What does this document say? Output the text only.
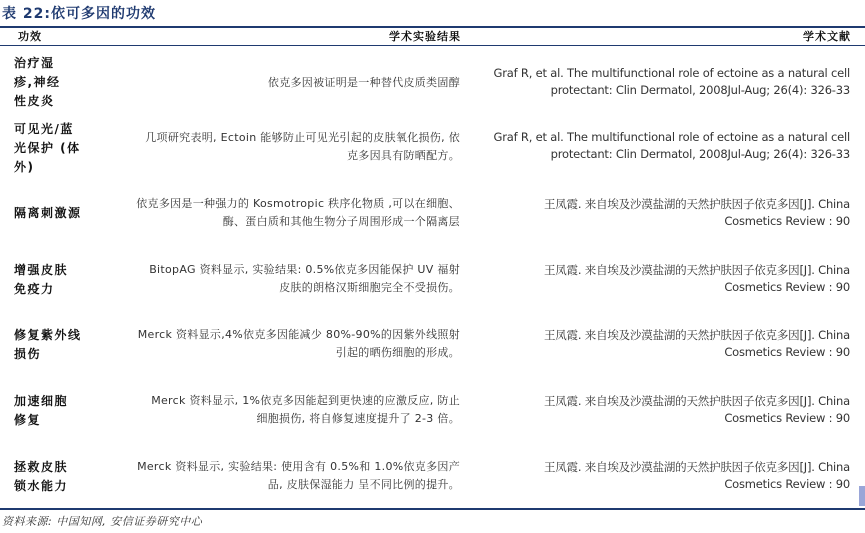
表 22:依可多因的功效
功效	学术实验结果	学术文献
治疗湿
疹,神经
性皮炎
依克多因被证明是一种替代皮质类固醇
Graf R, et al. The multifunctional role of ectoine as a natural cell
protectant: Clin Dermatol, 2008Jul-Aug; 26(4): 326-33
可见光/蓝
光保护 (体
外)
几项研究表明, Ectoin 能够防止可见光引起的皮肤氧化损伤, 依
克多因具有防晒配方。
Graf R, et al. The multifunctional role of ectoine as a natural cell
protectant: Clin Dermatol, 2008Jul-Aug; 26(4): 326-33
隔离刺激源
依克多因是一种强力的 Kosmotropic 秩序化物质 ,可以在细胞、
酶、蛋白质和其他生物分子周围形成一个隔离层
王凤霞. 来自埃及沙漠盐湖的天然护肤因子依克多因[J]. China
Cosmetics Review : 90
增强皮肤
免疫力
BitopAG 资料显示, 实验结果: 0.5%依克多因能保护 UV 福射
皮肤的朗格汉斯细胞完全不受损伤。
王凤霞. 来自埃及沙漠盐湖的天然护肤因子依克多因[J]. China
Cosmetics Review : 90
修复紫外线
损伤
Merck 资料显示,4%依克多因能减少 80%-90%的因紫外线照射
引起的晒伤细胞的形成。
王凤霞. 来自埃及沙漠盐湖的天然护肤因子依克多因[J]. China
Cosmetics Review : 90
加速细胞
修复
Merck 资料显示, 1%依克多因能起到更快速的应激反应, 防止
细胞损伤, 将自修复速度提升了 2-3 倍。
王凤霞. 来自埃及沙漠盐湖的天然护肤因子依克多因[J]. China
Cosmetics Review : 90
拯救皮肤
锁水能力
Merck 资料显示, 实验结果: 使用含有 0.5%和 1.0%依克多因产
品, 皮肤保湿能力 呈不同比例的提升。
王凤霞. 来自埃及沙漠盐湖的天然护肤因子依克多因[J]. China
Cosmetics Review : 90
资料来源: 中国知网, 安信证券研究中心
